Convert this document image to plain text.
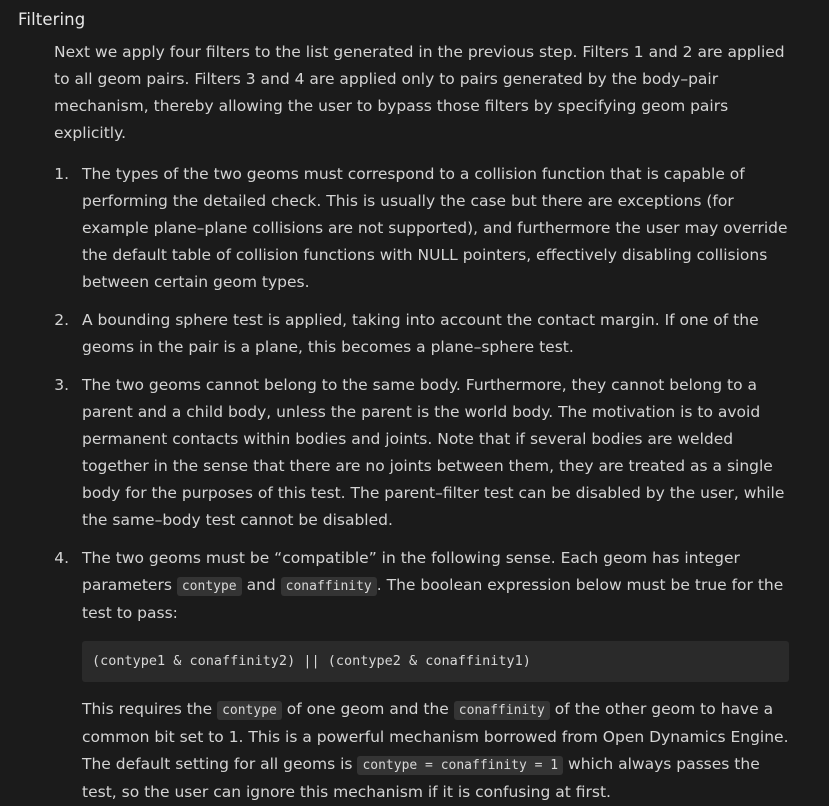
Filtering

Next we apply four filters to the list generated in the previous step. Filters 1 and 2 are applied to all geom pairs. Filters 3 and 4 are applied only to pairs generated by the body–pair mechanism, thereby allowing the user to bypass those filters by specifying geom pairs explicitly.

1. The types of the two geoms must correspond to a collision function that is capable of performing the detailed check. This is usually the case but there are exceptions (for example plane–plane collisions are not supported), and furthermore the user may override the default table of collision functions with NULL pointers, effectively disabling collisions between certain geom types.
2. A bounding sphere test is applied, taking into account the contact margin. If one of the geoms in the pair is a plane, this becomes a plane–sphere test.
3. The two geoms cannot belong to the same body. Furthermore, they cannot belong to a parent and a child body, unless the parent is the world body. The motivation is to avoid permanent contacts within bodies and joints. Note that if several bodies are welded together in the sense that there are no joints between them, they are treated as a single body for the purposes of this test. The parent–filter test can be disabled by the user, while the same–body test cannot be disabled.
4. The two geoms must be “compatible” in the following sense. Each geom has integer parameters contype and conaffinity . The boolean expression below must be true for the test to pass:
(contype1 & conaffinity2) || (contype2 & conaffinity1)

This requires the contype of one geom and the conaffinity of the other geom to have a common bit set to 1. This is a powerful mechanism borrowed from Open Dynamics Engine. The default setting for all geoms is contype = conaffinity = 1 which always passes the test, so the user can ignore this mechanism if it is confusing at first.
